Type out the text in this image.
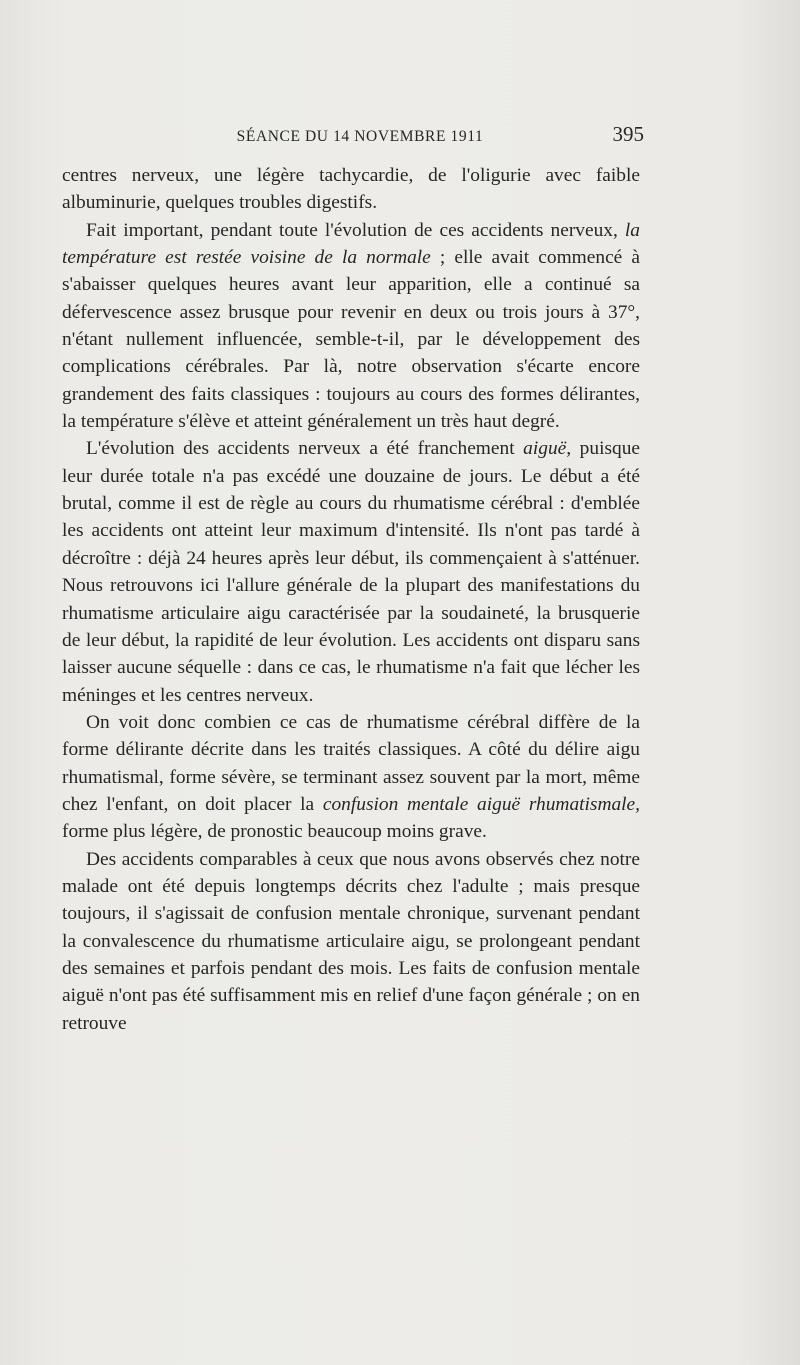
SÉANCE DU 14 NOVEMBRE 1911	395

centres nerveux, une légère tachycardie, de l'oligurie avec faible albuminurie, quelques troubles digestifs.

Fait important, pendant toute l'évolution de ces accidents nerveux, la température est restée voisine de la normale ; elle avait commencé à s'abaisser quelques heures avant leur apparition, elle a continué sa défervescence assez brusque pour revenir en deux ou trois jours à 37°, n'étant nullement influencée, semble-t-il, par le développement des complications cérébrales. Par là, notre observation s'écarte encore grandement des faits classiques : toujours au cours des formes délirantes, la température s'élève et atteint généralement un très haut degré.

L'évolution des accidents nerveux a été franchement aiguë, puisque leur durée totale n'a pas excédé une douzaine de jours. Le début a été brutal, comme il est de règle au cours du rhumatisme cérébral : d'emblée les accidents ont atteint leur maximum d'intensité. Ils n'ont pas tardé à décroître : déjà 24 heures après leur début, ils commençaient à s'atténuer. Nous retrouvons ici l'allure générale de la plupart des manifestations du rhumatisme articulaire aigu caractérisée par la soudaineté, la brusquerie de leur début, la rapidité de leur évolution. Les accidents ont disparu sans laisser aucune séquelle : dans ce cas, le rhumatisme n'a fait que lécher les méninges et les centres nerveux.

On voit donc combien ce cas de rhumatisme cérébral diffère de la forme délirante décrite dans les traités classiques. A côté du délire aigu rhumatismal, forme sévère, se terminant assez souvent par la mort, même chez l'enfant, on doit placer la confusion mentale aiguë rhumatismale, forme plus légère, de pronostic beaucoup moins grave.

Des accidents comparables à ceux que nous avons observés chez notre malade ont été depuis longtemps décrits chez l'adulte ; mais presque toujours, il s'agissait de confusion mentale chronique, survenant pendant la convalescence du rhumatisme articulaire aigu, se prolongeant pendant des semaines et parfois pendant des mois. Les faits de confusion mentale aiguë n'ont pas été suffisamment mis en relief d'une façon générale ; on en retrouve
